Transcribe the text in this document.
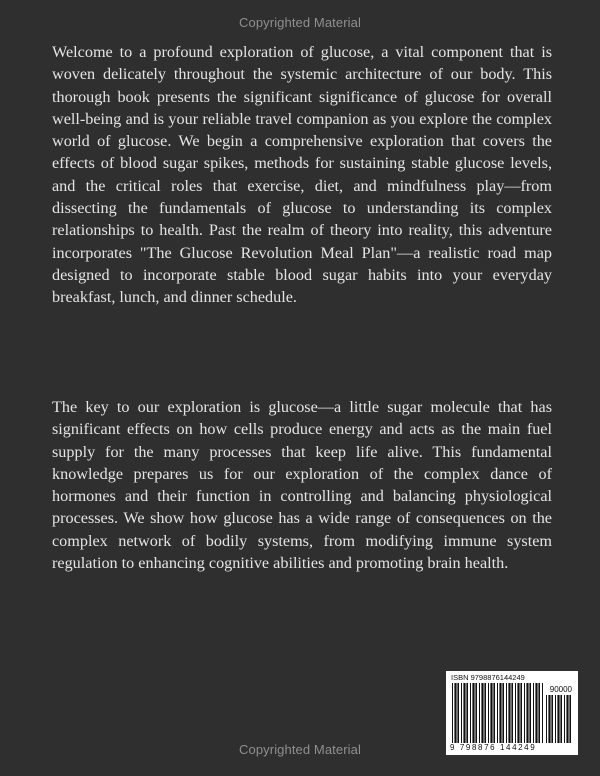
Copyrighted Material

Welcome to a profound exploration of glucose, a vital component that is woven delicately throughout the systemic architecture of our body. This thorough book presents the significant significance of glucose for overall well-being and is your reliable travel companion as you explore the complex world of glucose. We begin a comprehensive exploration that covers the effects of blood sugar spikes, methods for sustaining stable glucose levels, and the critical roles that exercise, diet, and mindfulness play—from dissecting the fundamentals of glucose to understanding its complex relationships to health. Past the realm of theory into reality, this adventure incorporates "The Glucose Revolution Meal Plan"—a realistic road map designed to incorporate stable blood sugar habits into your everyday breakfast, lunch, and dinner schedule.

The key to our exploration is glucose—a little sugar molecule that has significant effects on how cells produce energy and acts as the main fuel supply for the many processes that keep life alive. This fundamental knowledge prepares us for our exploration of the complex dance of hormones and their function in controlling and balancing physiological processes. We show how glucose has a wide range of consequences on the complex network of bodily systems, from modifying immune system regulation to enhancing cognitive abilities and promoting brain health.

ISBN 9798876144249
90000
9 798876 144249
Copyrighted Material
